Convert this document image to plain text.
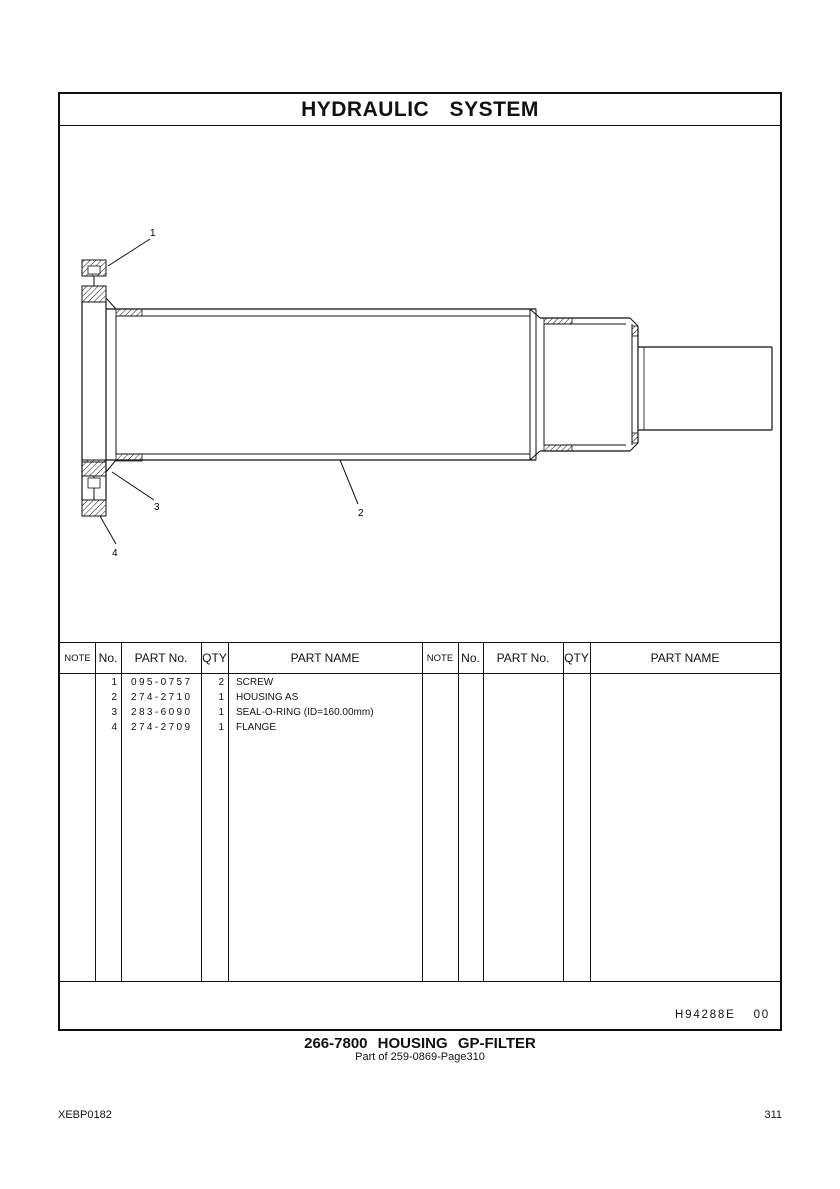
HYDRAULIC SYSTEM
1
2
3
4
NOTE No.	PART No.	QTY	PART NAME	NOTE No.	PART No.	QTY	PART NAME
1 095-0757	2 SCREW
2 274-2710	1 HOUSING AS
3 283-6090	1 SEAL-O-RING (ID=160.00mm)
4 274-2709	1 FLANGE
H94288E 00
266-7800 HOUSING GP-FILTER
Part of 259-0869-Page310
XEBP0182	311
